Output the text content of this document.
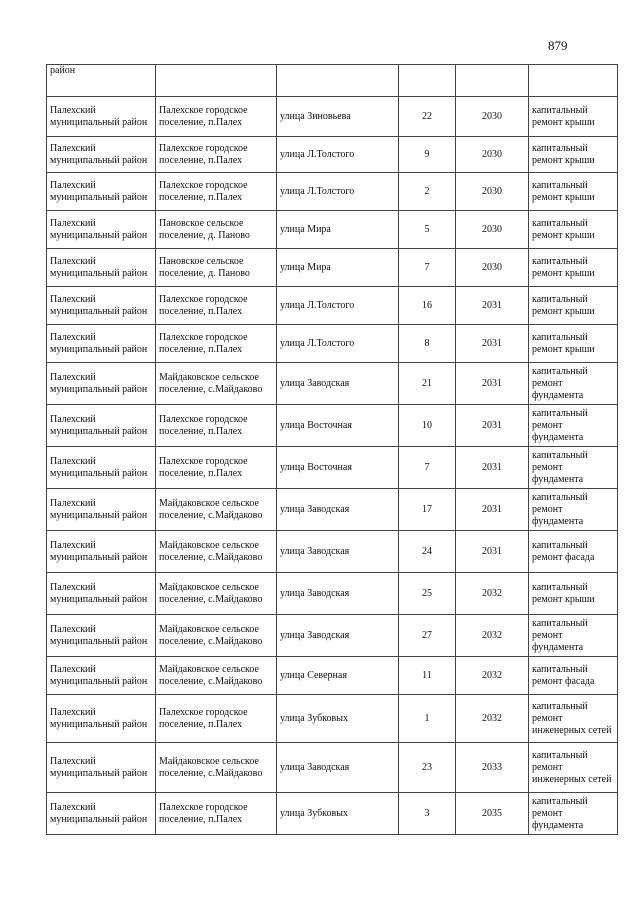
879
район					
Палехский муниципальный район	Палехское городское поселение, п.Палех	улица Зиновьева	22	2030	капитальный ремонт крыши
Палехский муниципальный район	Палехское городское поселение, п.Палех	улица Л.Толстого	9	2030	капитальный ремонт крыши
Палехский муниципальный район	Палехское городское поселение, п.Палех	улица Л.Толстого	2	2030	капитальный ремонт крыши
Палехский муниципальный район	Пановское сельское поселение, д. Паново	улица Мира	5	2030	капитальный ремонт крыши
Палехский муниципальный район	Пановское сельское поселение, д. Паново	улица Мира	7	2030	капитальный ремонт крыши
Палехский муниципальный район	Палехское городское поселение, п.Палех	улица Л.Толстого	16	2031	капитальный ремонт крыши
Палехский муниципальный район	Палехское городское поселение, п.Палех	улица Л.Толстого	8	2031	капитальный ремонт крыши
Палехский муниципальный район	Майдаковское сельское поселение, с.Майдаково	улица Заводская	21	2031	капитальный ремонт фундамента
Палехский муниципальный район	Палехское городское поселение, п.Палех	улица Восточная	10	2031	капитальный ремонт фундамента
Палехский муниципальный район	Палехское городское поселение, п.Палех	улица Восточная	7	2031	капитальный ремонт фундамента
Палехский муниципальный район	Майдаковское сельское поселение, с.Майдаково	улица Заводская	17	2031	капитальный ремонт фундамента
Палехский муниципальный район	Майдаковское сельское поселение, с.Майдаково	улица Заводская	24	2031	капитальный ремонт фасада
Палехский муниципальный район	Майдаковское сельское поселение, с.Майдаково	улица Заводская	25	2032	капитальный ремонт крыши
Палехский муниципальный район	Майдаковское сельское поселение, с.Майдаково	улица Заводская	27	2032	капитальный ремонт фундамента
Палехский муниципальный район	Майдаковское сельское поселение, с.Майдаково	улица Северная	11	2032	капитальный ремонт фасада
Палехский муниципальный район	Палехское городское поселение, п.Палех	улица Зубковых	1	2032	капитальный ремонт инженерных сетей
Палехский муниципальный район	Майдаковское сельское поселение, с.Майдаково	улица Заводская	23	2033	капитальный ремонт инженерных сетей
Палехский муниципальный район	Палехское городское поселение, п.Палех	улица Зубковых	3	2035	капитальный ремонт фундамента
